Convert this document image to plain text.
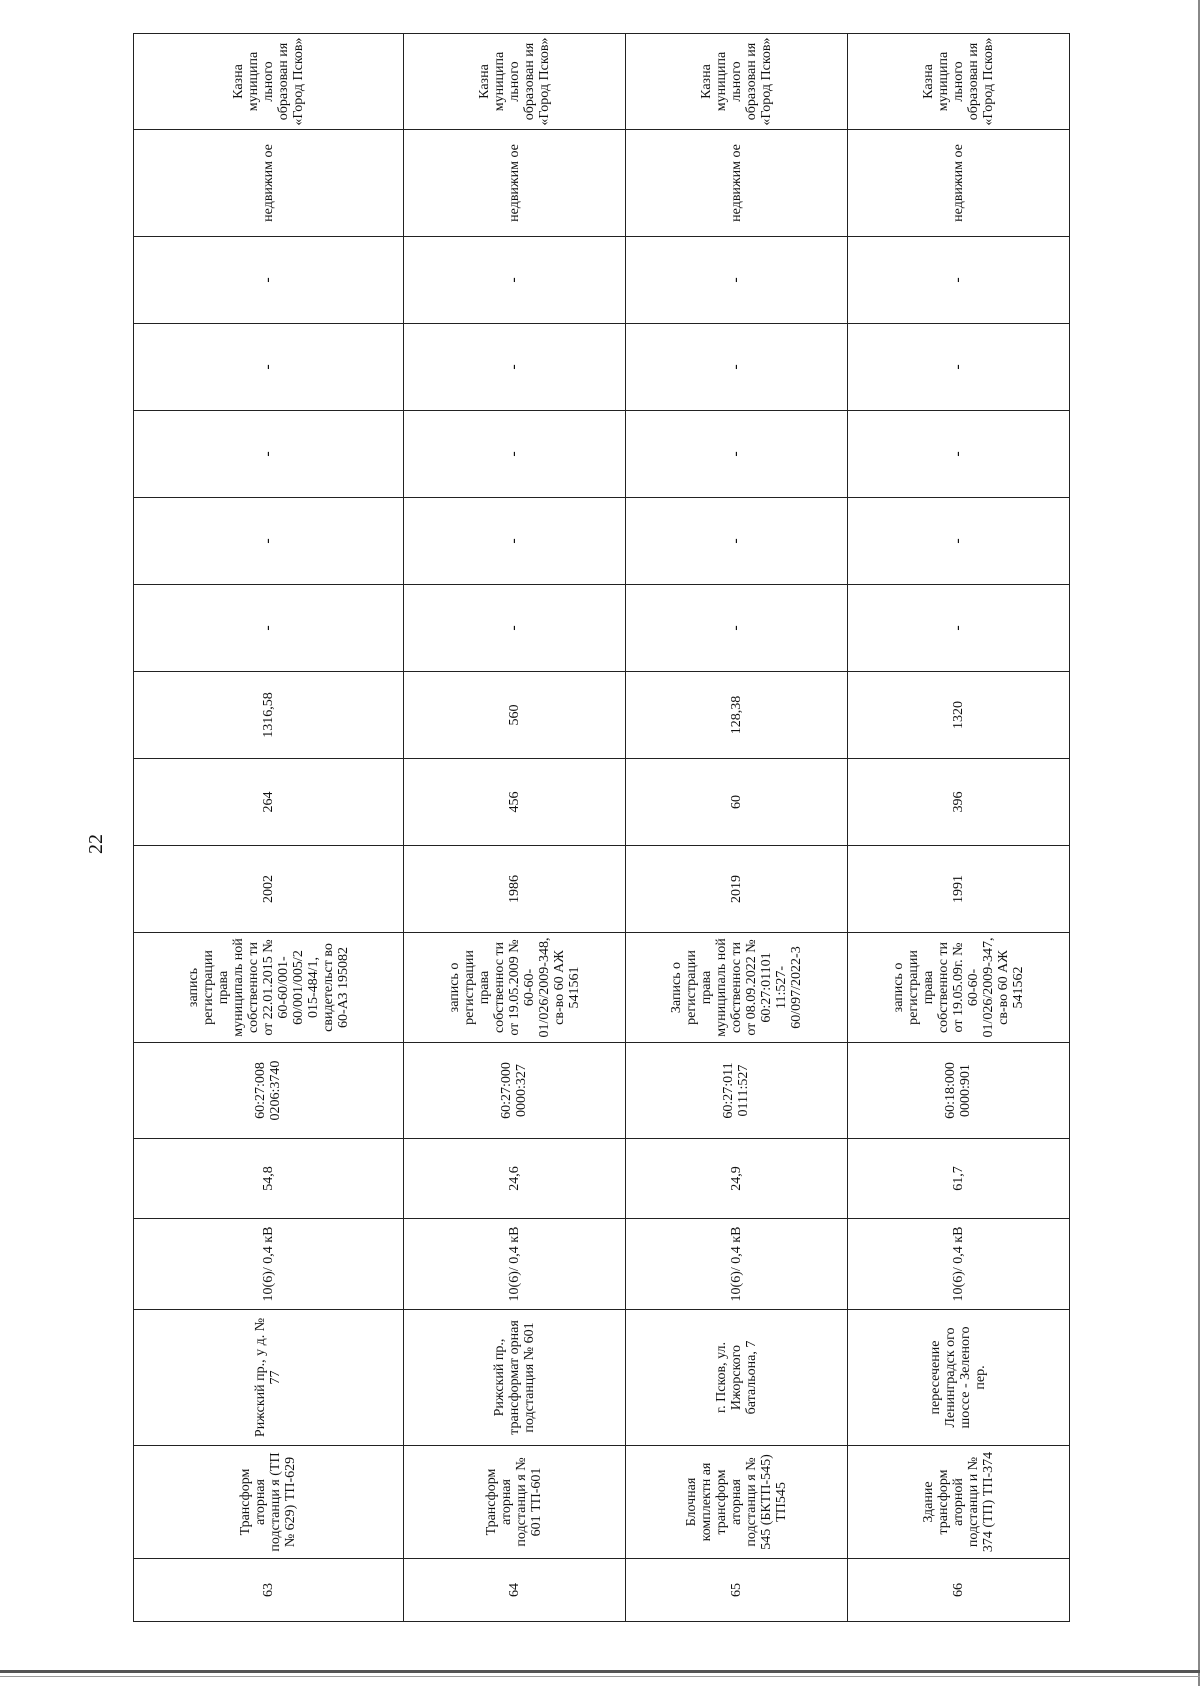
22
63	Трансформ аторная подстанци я (ТП № 629) ТП-629	Рижский пр., у д. № 77	10(6)/ 0,4 кВ	54,8	60:27:008 0206:3740	запись регистрации права муниципаль ной собственнос ти от 22.01.2015 № 60-60/001-60/001/005/2 015-484/1, свидетельст во 60-АЗ 195082	2002	264	1316,58	-	-	-	-	-	недвижим ое	Казна муниципа льного образован ия «Город Псков»
64	Трансформ аторная подстанци я № 601 ТП-601	Рижский пр., трансформат орная подстанция № 601	10(6)/ 0,4 кВ	24,6	60:27:000 0000:327	запись о регистрации права собственнос ти от 19.05.2009 № 60-60-01/026/2009-348, св-во 60 АЖ 541561	1986	456	560	-	-	-	-	-	недвижим ое	Казна муниципа льного образован ия «Город Псков»
65	Блочная комплектн ая трансформ аторная подстанци я № 545 (БКТП-545) ТП545	г. Псков, ул. Ижорского батальона, 7	10(6)/ 0,4 кВ	24,9	60:27:011 0111:527	Запись о регистрации права муниципаль ной собственнос ти от 08.09.2022 № 60:27:01101 11:527-60/097/2022-3	2019	60	128,38	-	-	-	-	-	недвижим ое	Казна муниципа льного образован ия «Город Псков»
66	Здание трансформ аторной подстанци и № 374 (ТП) ТП-374	пересечение Ленинградск ого шоссе - Зеленого пер.	10(6)/ 0,4 кВ	61,7	60:18:000 0000:901	запись о регистрации права собственнос ти от 19.05.09г. № 60-60-01/026/2009-347, св-во 60 АЖ 541562	1991	396	1320	-	-	-	-	-	недвижим ое	Казна муниципа льного образован ия «Город Псков»
